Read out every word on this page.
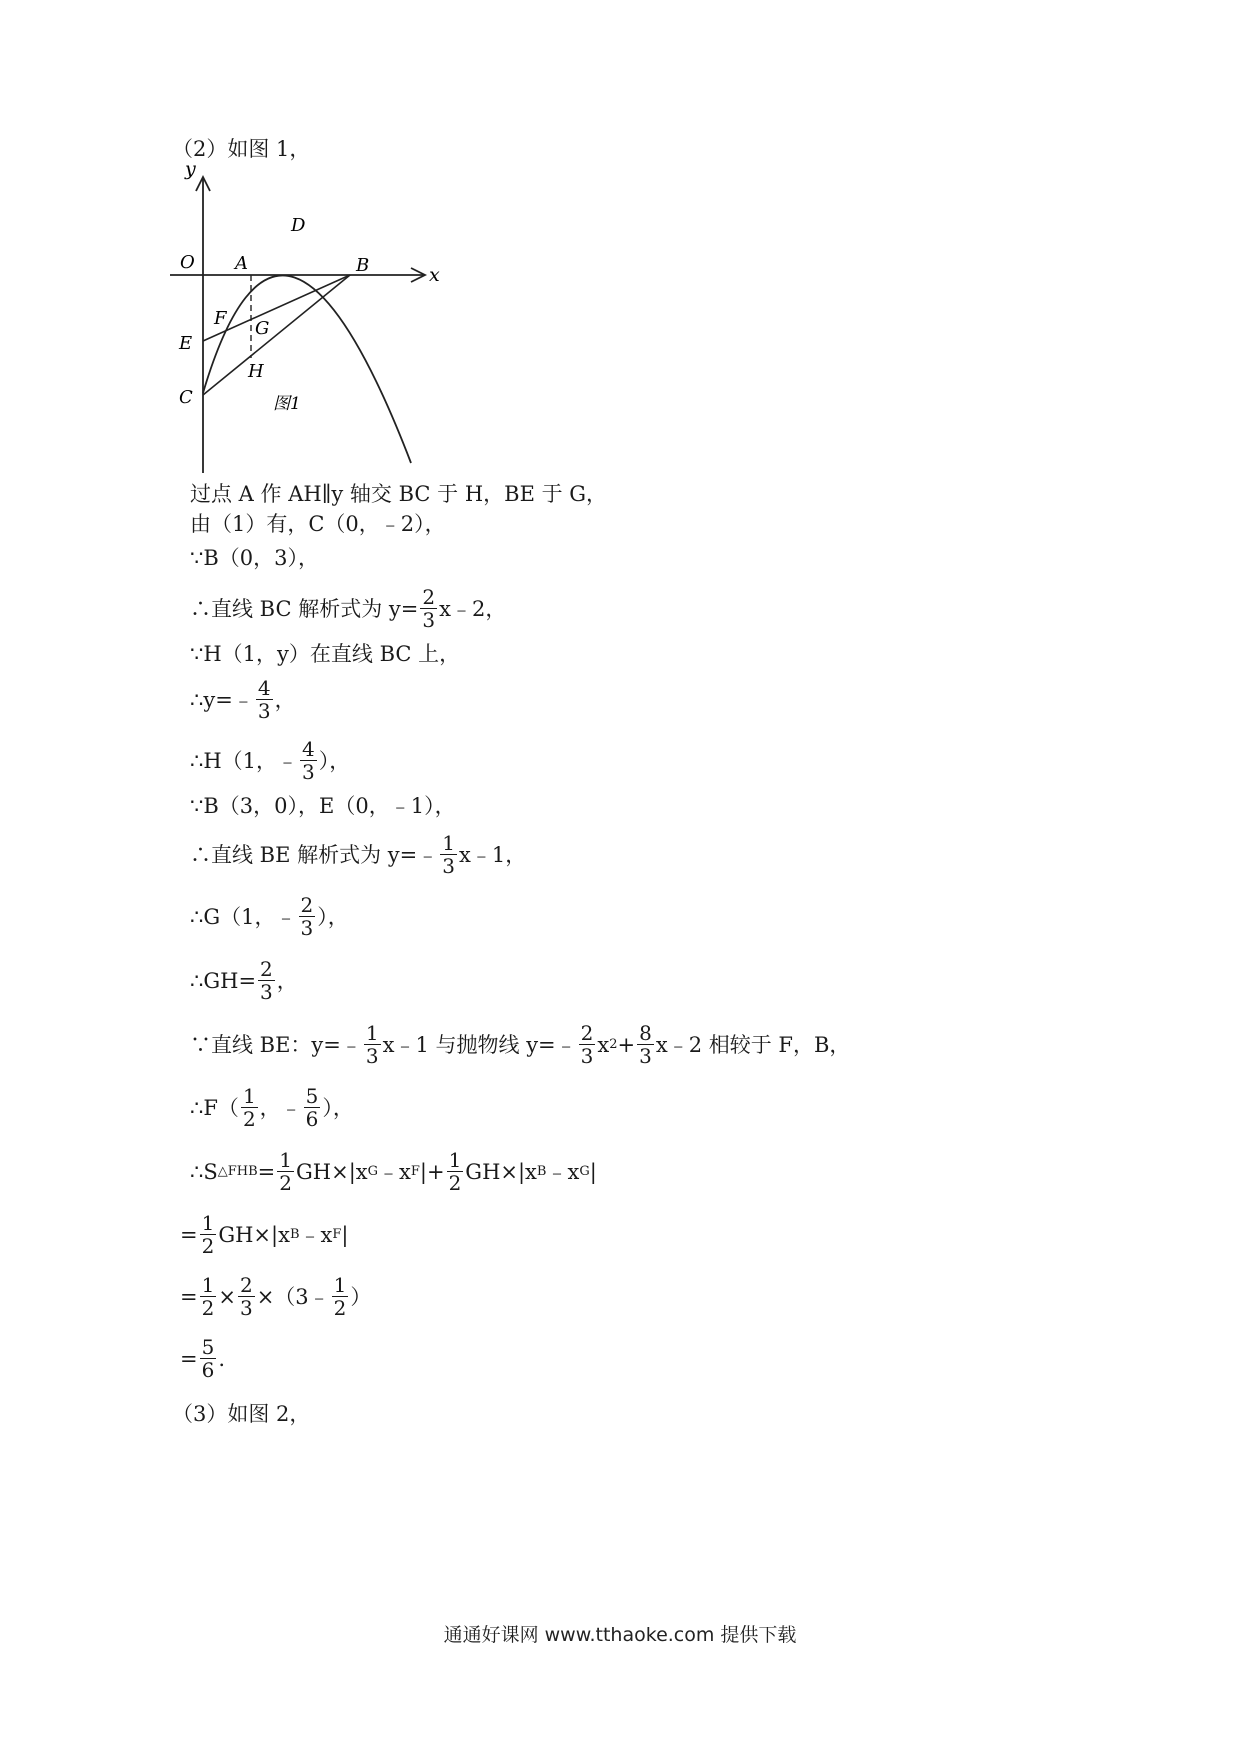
（2）如图 1，
y
x
O A	B
D
E
F G
H
C	图1
过点 A 作 AH∥y 轴交 BC 于 H，BE 于 G，
由（1）有，C（0，﹣2），
∵B（0，3），
∴直线 BC 解析式为 $y= \frac{2}{3}$ x﹣2，
∵H（1，y）在直线 BC 上，
∴y=﹣ $\frac{4}{3}$ ，
∴H（1，﹣ $\frac{4}{3}$ ），
∵B（3，0），E（0，﹣1），
∴直线 BE 解析式为 y=﹣ $\frac{1}{3}$ x﹣1，
∴G（1，﹣ $\frac{2}{3}$ ），
∴GH= $\frac{2}{3}$ ，
∵直线 BE：y=﹣ $\frac{1}{3}$ x﹣1 与抛物线 y=﹣ $\frac{2}{3}$ x $2 + \frac{8}{3}$ x﹣2 相较于 F，B，
∴F（ $\frac{1}{2}$ ，﹣ $\frac{5}{6}$ ），
∴S △FHB = $\frac{1}{2} GH\times|x$ G ﹣x F |+ $\frac{1}{2} GH\times|x$ B ﹣x G |
= $\frac{1}{2} GH\times|x$ B ﹣x F |
= $\frac{1}{2} \times \frac{2}{3}$ ×（3﹣ $\frac{1}{2}$ ）
= $\frac{5}{6}$ .
（3）如图 2，
通通好课网 www.tthaoke.com 提供下载
